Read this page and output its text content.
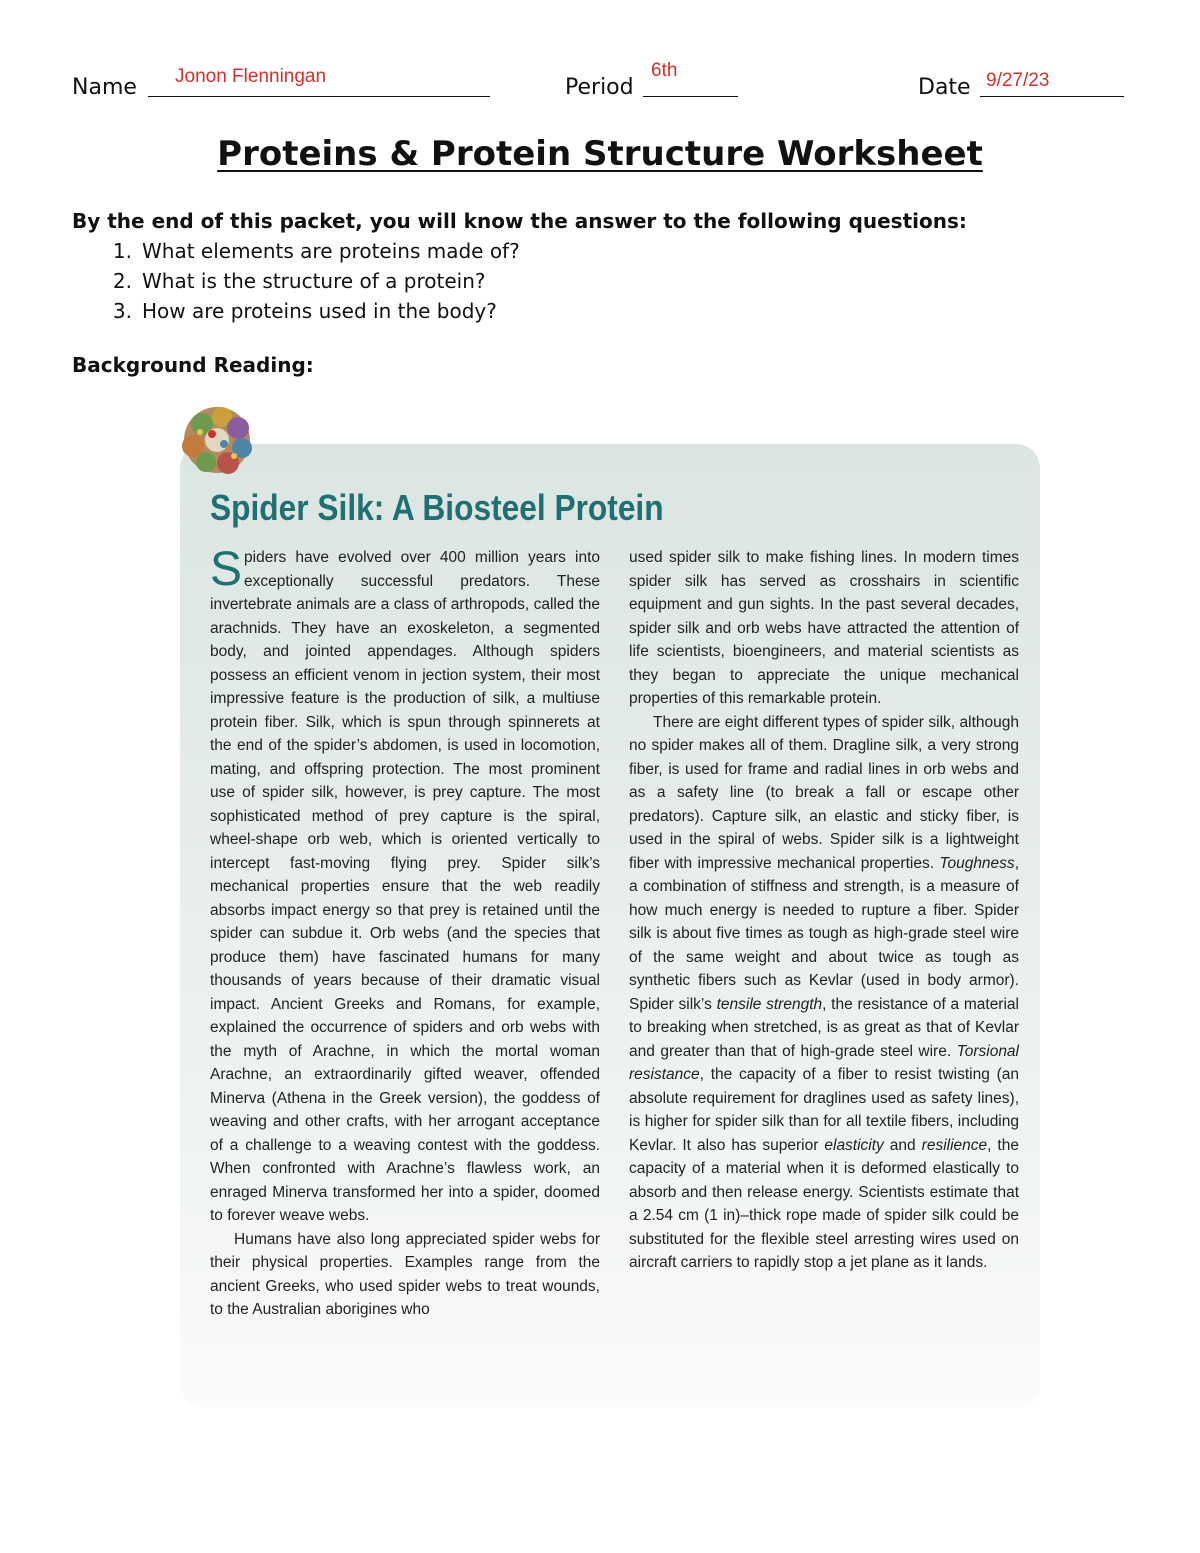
Name Jonon Flenningan	Period
6th
Date 9/27/23
Proteins & Protein Structure Worksheet
By the end of this packet, you will know the answer to the following questions:
1. What elements are proteins made of?
2. What is the structure of a protein?
3. How are proteins used in the body?
Background Reading:
Spider Silk: A Biosteel Protein

Spiders have evolved over 400 million years into exceptionally successful predators. These invertebrate animals are a class of arthropods, called the arachnids. They have an exoskeleton, a segmented body, and jointed appendages. Although spiders possess an efficient venom in jection system, their most impressive feature is the production of silk, a multiuse protein fiber. Silk, which is spun through spinnerets at the end of the spider’s abdomen, is used in locomotion, mating, and offspring protection. The most prominent use of spider silk, however, is prey capture. The most sophisticated method of prey capture is the spiral, wheel-shape orb web, which is oriented vertically to intercept fast-moving flying prey. Spider silk’s mechanical properties ensure that the web readily absorbs impact energy so that prey is retained until the spider can subdue it. Orb webs (and the species that produce them) have fascinated humans for many thousands of years because of their dramatic visual impact. Ancient Greeks and Romans, for example, explained the occurrence of spiders and orb webs with the myth of Arachne, in which the mortal woman Arachne, an extraordinarily gifted weaver, offended Minerva (Athena in the Greek version), the goddess of weaving and other crafts, with her arrogant acceptance of a challenge to a weaving contest with the goddess. When confronted with Arachne’s flawless work, an enraged Minerva transformed her into a spider, doomed to forever weave webs.

Humans have also long appreciated spider webs for their physical properties. Examples range from the ancient Greeks, who used spider webs to treat wounds, to the Australian aborigines who

used spider silk to make fishing lines. In modern times spider silk has served as crosshairs in scientific equipment and gun sights. In the past several decades, spider silk and orb webs have attracted the attention of life scientists, bioengineers, and material scientists as they began to appreciate the unique mechanical properties of this remarkable protein.

There are eight different types of spider silk, although no spider makes all of them. Dragline silk, a very strong fiber, is used for frame and radial lines in orb webs and as a safety line (to break a fall or escape other predators). Capture silk, an elastic and sticky fiber, is used in the spiral of webs. Spider silk is a lightweight fiber with impressive mechanical properties. Toughness, a combination of stiffness and strength, is a measure of how much energy is needed to rupture a fiber. Spider silk is about five times as tough as high-grade steel wire of the same weight and about twice as tough as synthetic fibers such as Kevlar (used in body armor). Spider silk’s tensile strength, the resistance of a material to breaking when stretched, is as great as that of Kevlar and greater than that of high-grade steel wire. Torsional resistance, the capacity of a fiber to resist twisting (an absolute requirement for draglines used as safety lines), is higher for spider silk than for all textile fibers, including Kevlar. It also has superior elasticity and resilience, the capacity of a material when it is deformed elastically to absorb and then release energy. Scientists estimate that a 2.54 cm (1 in)–thick rope made of spider silk could be substituted for the flexible steel arresting wires used on aircraft carriers to rapidly stop a jet plane as it lands.
